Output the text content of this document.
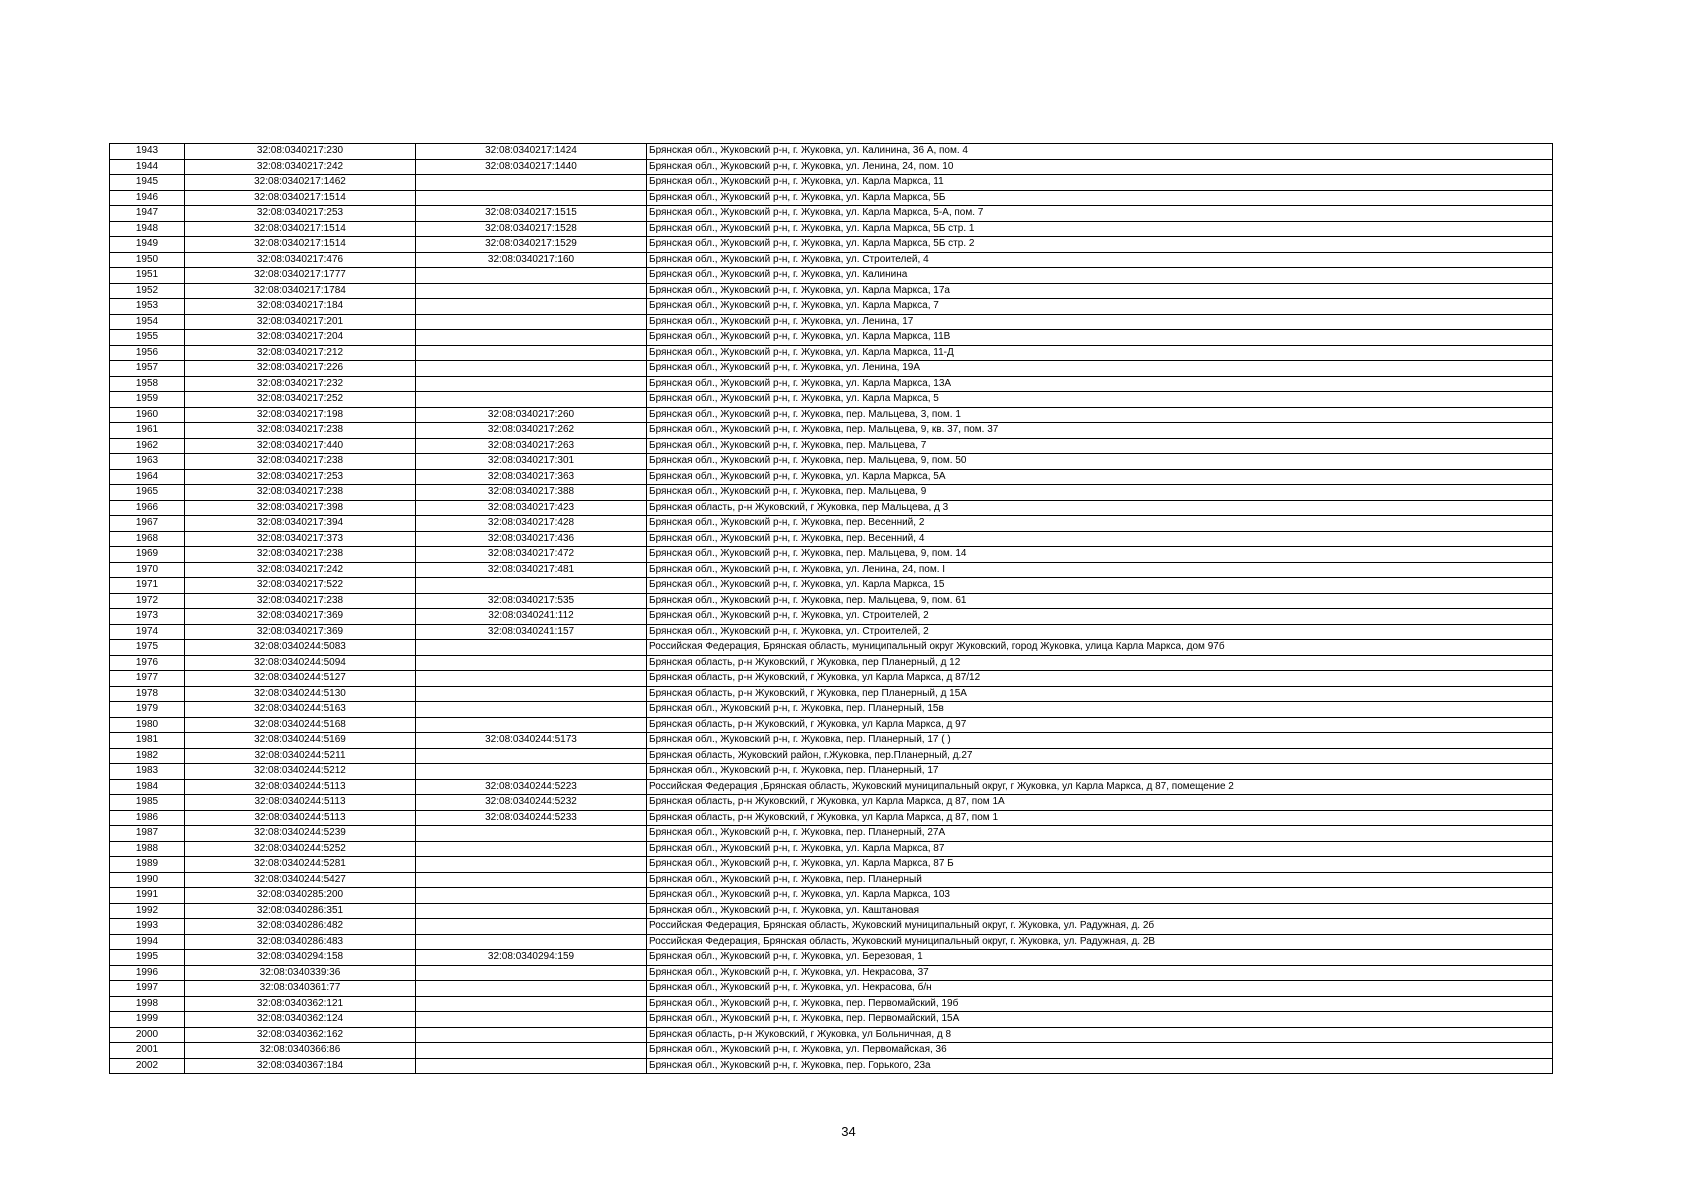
1943	32:08:0340217:230	32:08:0340217:1424	Брянская обл., Жуковский р-н, г. Жуковка, ул. Калинина, 36 А, пом. 4
1944	32:08:0340217:242	32:08:0340217:1440	Брянская обл., Жуковский р-н, г. Жуковка, ул. Ленина, 24, пом. 10
1945	32:08:0340217:1462		Брянская обл., Жуковский р-н, г. Жуковка, ул. Карла Маркса, 11
1946	32:08:0340217:1514		Брянская обл., Жуковский р-н, г. Жуковка, ул. Карла Маркса, 5Б
1947	32:08:0340217:253	32:08:0340217:1515	Брянская обл., Жуковский р-н, г. Жуковка, ул. Карла Маркса, 5-А, пом. 7
1948	32:08:0340217:1514	32:08:0340217:1528	Брянская обл., Жуковский р-н, г. Жуковка, ул. Карла Маркса, 5Б стр. 1
1949	32:08:0340217:1514	32:08:0340217:1529	Брянская обл., Жуковский р-н, г. Жуковка, ул. Карла Маркса, 5Б стр. 2
1950	32:08:0340217:476	32:08:0340217:160	Брянская обл., Жуковский р-н, г. Жуковка, ул. Строителей, 4
1951	32:08:0340217:1777		Брянская обл., Жуковский р-н, г. Жуковка, ул. Калинина
1952	32:08:0340217:1784		Брянская обл., Жуковский р-н, г. Жуковка, ул. Карла Маркса, 17а
1953	32:08:0340217:184		Брянская обл., Жуковский р-н, г. Жуковка, ул. Карла Маркса, 7
1954	32:08:0340217:201		Брянская обл., Жуковский р-н, г. Жуковка, ул. Ленина, 17
1955	32:08:0340217:204		Брянская обл., Жуковский р-н, г. Жуковка, ул. Карла Маркса, 11В
1956	32:08:0340217:212		Брянская обл., Жуковский р-н, г. Жуковка, ул. Карла Маркса, 11-Д
1957	32:08:0340217:226		Брянская обл., Жуковский р-н, г. Жуковка, ул. Ленина, 19А
1958	32:08:0340217:232		Брянская обл., Жуковский р-н, г. Жуковка, ул. Карла Маркса, 13А
1959	32:08:0340217:252		Брянская обл., Жуковский р-н, г. Жуковка, ул. Карла Маркса, 5
1960	32:08:0340217:198	32:08:0340217:260	Брянская обл., Жуковский р-н, г. Жуковка, пер. Мальцева, 3, пом. 1
1961	32:08:0340217:238	32:08:0340217:262	Брянская обл., Жуковский р-н, г. Жуковка, пер. Мальцева, 9, кв. 37, пом. 37
1962	32:08:0340217:440	32:08:0340217:263	Брянская обл., Жуковский р-н, г. Жуковка, пер. Мальцева, 7
1963	32:08:0340217:238	32:08:0340217:301	Брянская обл., Жуковский р-н, г. Жуковка, пер. Мальцева, 9, пом. 50
1964	32:08:0340217:253	32:08:0340217:363	Брянская обл., Жуковский р-н, г. Жуковка, ул. Карла Маркса, 5А
1965	32:08:0340217:238	32:08:0340217:388	Брянская обл., Жуковский р-н, г. Жуковка, пер. Мальцева, 9
1966	32:08:0340217:398	32:08:0340217:423	Брянская область, р-н Жуковский, г Жуковка, пер Мальцева, д 3
1967	32:08:0340217:394	32:08:0340217:428	Брянская обл., Жуковский р-н, г. Жуковка, пер. Весенний, 2
1968	32:08:0340217:373	32:08:0340217:436	Брянская обл., Жуковский р-н, г. Жуковка, пер. Весенний, 4
1969	32:08:0340217:238	32:08:0340217:472	Брянская обл., Жуковский р-н, г. Жуковка, пер. Мальцева, 9, пом. 14
1970	32:08:0340217:242	32:08:0340217:481	Брянская обл., Жуковский р-н, г. Жуковка, ул. Ленина, 24, пом. I
1971	32:08:0340217:522		Брянская обл., Жуковский р-н, г. Жуковка, ул. Карла Маркса, 15
1972	32:08:0340217:238	32:08:0340217:535	Брянская обл., Жуковский р-н, г. Жуковка, пер. Мальцева, 9, пом. 61
1973	32:08:0340217:369	32:08:0340241:112	Брянская обл., Жуковский р-н, г. Жуковка, ул. Строителей, 2
1974	32:08:0340217:369	32:08:0340241:157	Брянская обл., Жуковский р-н, г. Жуковка, ул. Строителей, 2
1975	32:08:0340244:5083		Российская Федерация, Брянская область, муниципальный округ Жуковский, город Жуковка, улица Карла Маркса, дом 97б
1976	32:08:0340244:5094		Брянская область, р-н Жуковский, г Жуковка, пер Планерный, д 12
1977	32:08:0340244:5127		Брянская область, р-н Жуковский, г Жуковка, ул Карла Маркса, д 87/12
1978	32:08:0340244:5130		Брянская область, р-н Жуковский, г Жуковка, пер Планерный, д 15А
1979	32:08:0340244:5163		Брянская обл., Жуковский р-н, г. Жуковка, пер. Планерный, 15в
1980	32:08:0340244:5168		Брянская область, р-н Жуковский, г Жуковка, ул Карла Маркса, д 97
1981	32:08:0340244:5169	32:08:0340244:5173	Брянская обл., Жуковский р-н, г. Жуковка, пер. Планерный, 17 ( )
1982	32:08:0340244:5211		Брянская область, Жуковский район, г.Жуковка, пер.Планерный, д.27
1983	32:08:0340244:5212		Брянская обл., Жуковский р-н, г. Жуковка, пер. Планерный, 17
1984	32:08:0340244:5113	32:08:0340244:5223	Российская Федерация ,Брянская область, Жуковский муниципальный округ, г Жуковка, ул Карла Маркса, д 87, помещение 2
1985	32:08:0340244:5113	32:08:0340244:5232	Брянская область, р-н Жуковский, г Жуковка, ул Карла Маркса, д 87, пом 1А
1986	32:08:0340244:5113	32:08:0340244:5233	Брянская область, р-н Жуковский, г Жуковка, ул Карла Маркса, д 87, пом 1
1987	32:08:0340244:5239		Брянская обл., Жуковский р-н, г. Жуковка, пер. Планерный, 27А
1988	32:08:0340244:5252		Брянская обл., Жуковский р-н, г. Жуковка, ул. Карла Маркса, 87
1989	32:08:0340244:5281		Брянская обл., Жуковский р-н, г. Жуковка, ул. Карла Маркса, 87 Б
1990	32:08:0340244:5427		Брянская обл., Жуковский р-н, г. Жуковка, пер. Планерный
1991	32:08:0340285:200		Брянская обл., Жуковский р-н, г. Жуковка, ул. Карла Маркса, 103
1992	32:08:0340286:351		Брянская обл., Жуковский р-н, г. Жуковка, ул. Каштановая
1993	32:08:0340286:482		Российская Федерация, Брянская область, Жуковский муниципальный округ, г. Жуковка, ул. Радужная, д. 2б
1994	32:08:0340286:483		Российская Федерация, Брянская область, Жуковский муниципальный округ, г. Жуковка, ул. Радужная, д. 2В
1995	32:08:0340294:158	32:08:0340294:159	Брянская обл., Жуковский р-н, г. Жуковка, ул. Березовая, 1
1996	32:08:0340339:36		Брянская обл., Жуковский р-н, г. Жуковка, ул. Некрасова, 37
1997	32:08:0340361:77		Брянская обл., Жуковский р-н, г. Жуковка, ул. Некрасова, б/н
1998	32:08:0340362:121		Брянская обл., Жуковский р-н, г. Жуковка, пер. Первомайский, 19б
1999	32:08:0340362:124		Брянская обл., Жуковский р-н, г. Жуковка, пер. Первомайский, 15А
2000	32:08:0340362:162		Брянская область, р-н Жуковский, г Жуковка, ул Больничная, д 8
2001	32:08:0340366:86		Брянская обл., Жуковский р-н, г. Жуковка, ул. Первомайская, 36
2002	32:08:0340367:184		Брянская обл., Жуковский р-н, г. Жуковка, пер. Горького, 23а
34
